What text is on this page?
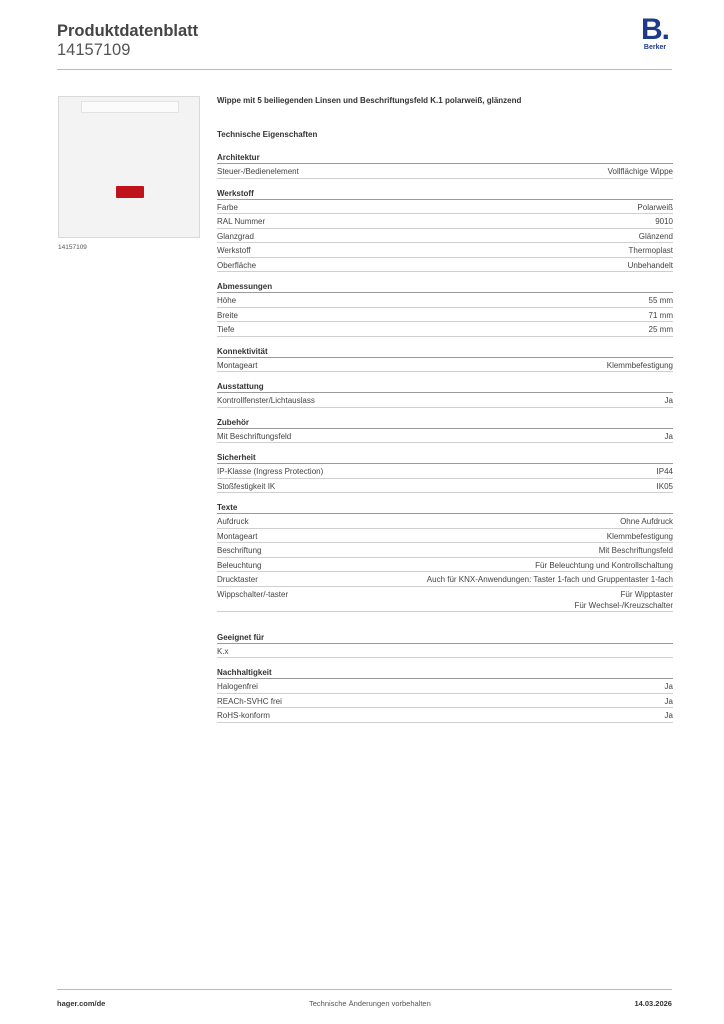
Produktdatenblatt
14157109
B.
Berker
14157109
Wippe mit 5 beiliegenden Linsen und Beschriftungsfeld K.1 polarweiß, glänzend
Technische Eigenschaften
Architektur
Steuer-/Bedienelement	Vollflächige Wippe
Werkstoff
Farbe	Polarweiß
RAL Nummer	9010
Glanzgrad	Glänzend
Werkstoff	Thermoplast
Oberfläche	Unbehandelt
Abmessungen
Höhe	55 mm
Breite	71 mm
Tiefe	25 mm
Konnektivität
Montageart	Klemmbefestigung
Ausstattung
Kontrollfenster/Lichtauslass	Ja
Zubehör
Mit Beschriftungsfeld	Ja
Sicherheit
IP-Klasse (Ingress Protection)	IP44
Stoßfestigkeit IK	IK05
Texte
Aufdruck	Ohne Aufdruck
Montageart	Klemmbefestigung
Beschriftung	Mit Beschriftungsfeld
Beleuchtung	Für Beleuchtung und Kontrollschaltung
Drucktaster	Auch für KNX-Anwendungen: Taster 1-fach und Gruppentaster 1-fach
Wippschalter/-taster	Für Wipptaster
Für Wechsel-/Kreuzschalter
Geeignet für
K.x
Nachhaltigkeit
Halogenfrei	Ja
REACh-SVHC frei	Ja
RoHS-konform	Ja
hager.com/de	Technische Änderungen vorbehalten	14.03.2026
